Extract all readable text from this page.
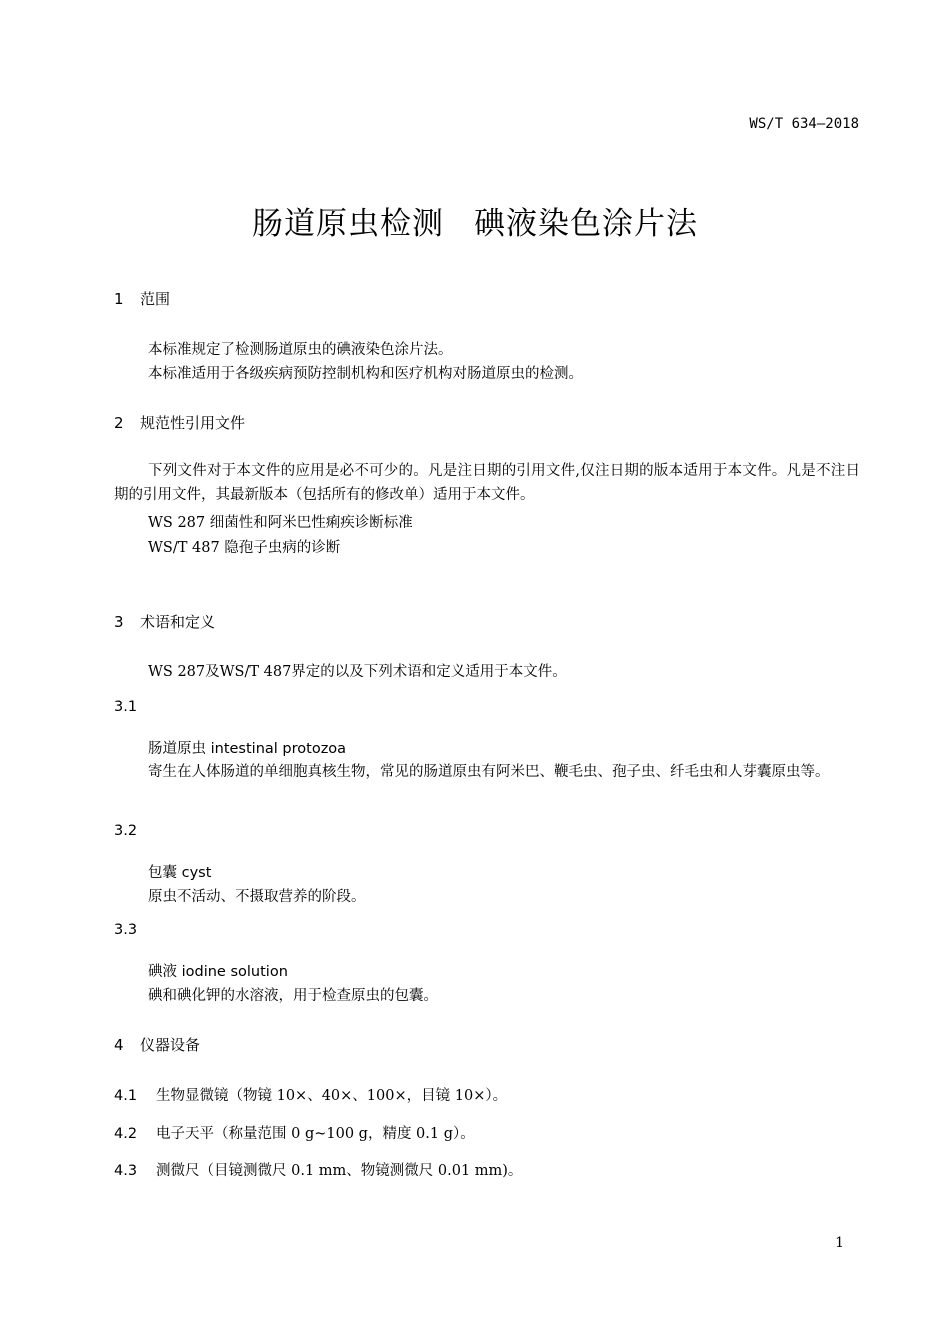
WS/T 634—2018
肠道原虫检测 碘液染色涂片法
1 范围
本标准规定了检测肠道原虫的碘液染色涂片法。
本标准适用于各级疾病预防控制机构和医疗机构对肠道原虫的检测。
2 规范性引用文件
下列文件对于本文件的应用是必不可少的。凡是注日期的引用文件,仅注日期的版本适用于本文件。凡是不注日期的引用文件，其最新版本（包括所有的修改单）适用于本文件。
WS 287 细菌性和阿米巴性痢疾诊断标准
WS/T 487 隐孢子虫病的诊断
3 术语和定义
WS 287及WS/T 487界定的以及下列术语和定义适用于本文件。
3.1
肠道原虫 intestinal protozoa
寄生在人体肠道的单细胞真核生物，常见的肠道原虫有阿米巴、鞭毛虫、孢子虫、纤毛虫和人芽囊原虫等。
3.2
包囊 cyst
原虫不活动、不摄取营养的阶段。
3.3
碘液 iodine solution
碘和碘化钾的水溶液，用于检查原虫的包囊。
4 仪器设备
4.1 生物显微镜（物镜 10×、40×、100×，目镜 10×）。
4.2 电子天平（称量范围 0 g~100 g，精度 0.1 g）。
4.3 测微尺（目镜测微尺 0.1 mm、物镜测微尺 0.01 mm)。
1
